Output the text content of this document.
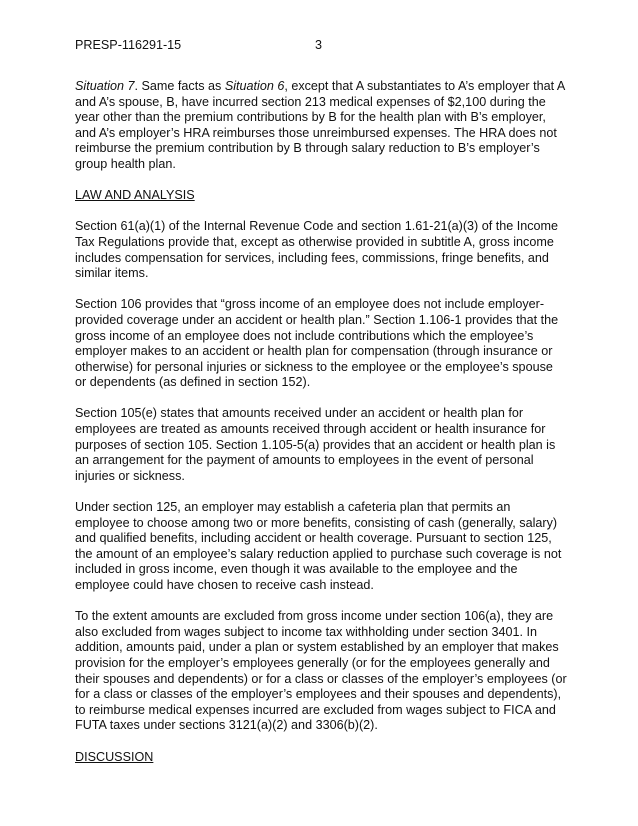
PRESP-116291-15	3

Situation 7. Same facts as Situation 6, except that A substantiates to A’s employer that A and A’s spouse, B, have incurred section 213 medical expenses of $2,100 during the year other than the premium contributions by B for the health plan with B’s employer, and A’s employer’s HRA reimburses those unreimbursed expenses. The HRA does not reimburse the premium contribution by B through salary reduction to B’s employer’s group health plan.

LAW AND ANALYSIS

Section 61(a)(1) of the Internal Revenue Code and section 1.61-21(a)(3) of the Income Tax Regulations provide that, except as otherwise provided in subtitle A, gross income includes compensation for services, including fees, commissions, fringe benefits, and similar items.

Section 106 provides that “gross income of an employee does not include employer-provided coverage under an accident or health plan.” Section 1.106-1 provides that the gross income of an employee does not include contributions which the employee’s employer makes to an accident or health plan for compensation (through insurance or otherwise) for personal injuries or sickness to the employee or the employee’s spouse or dependents (as defined in section 152).

Section 105(e) states that amounts received under an accident or health plan for employees are treated as amounts received through accident or health insurance for purposes of section 105. Section 1.105-5(a) provides that an accident or health plan is an arrangement for the payment of amounts to employees in the event of personal injuries or sickness.

Under section 125, an employer may establish a cafeteria plan that permits an employee to choose among two or more benefits, consisting of cash (generally, salary) and qualified benefits, including accident or health coverage. Pursuant to section 125, the amount of an employee’s salary reduction applied to purchase such coverage is not included in gross income, even though it was available to the employee and the employee could have chosen to receive cash instead.

To the extent amounts are excluded from gross income under section 106(a), they are also excluded from wages subject to income tax withholding under section 3401. In addition, amounts paid, under a plan or system established by an employer that makes provision for the employer’s employees generally (or for the employees generally and their spouses and dependents) or for a class or classes of the employer’s employees (or for a class or classes of the employer’s employees and their spouses and dependents), to reimburse medical expenses incurred are excluded from wages subject to FICA and FUTA taxes under sections 3121(a)(2) and 3306(b)(2).

DISCUSSION
